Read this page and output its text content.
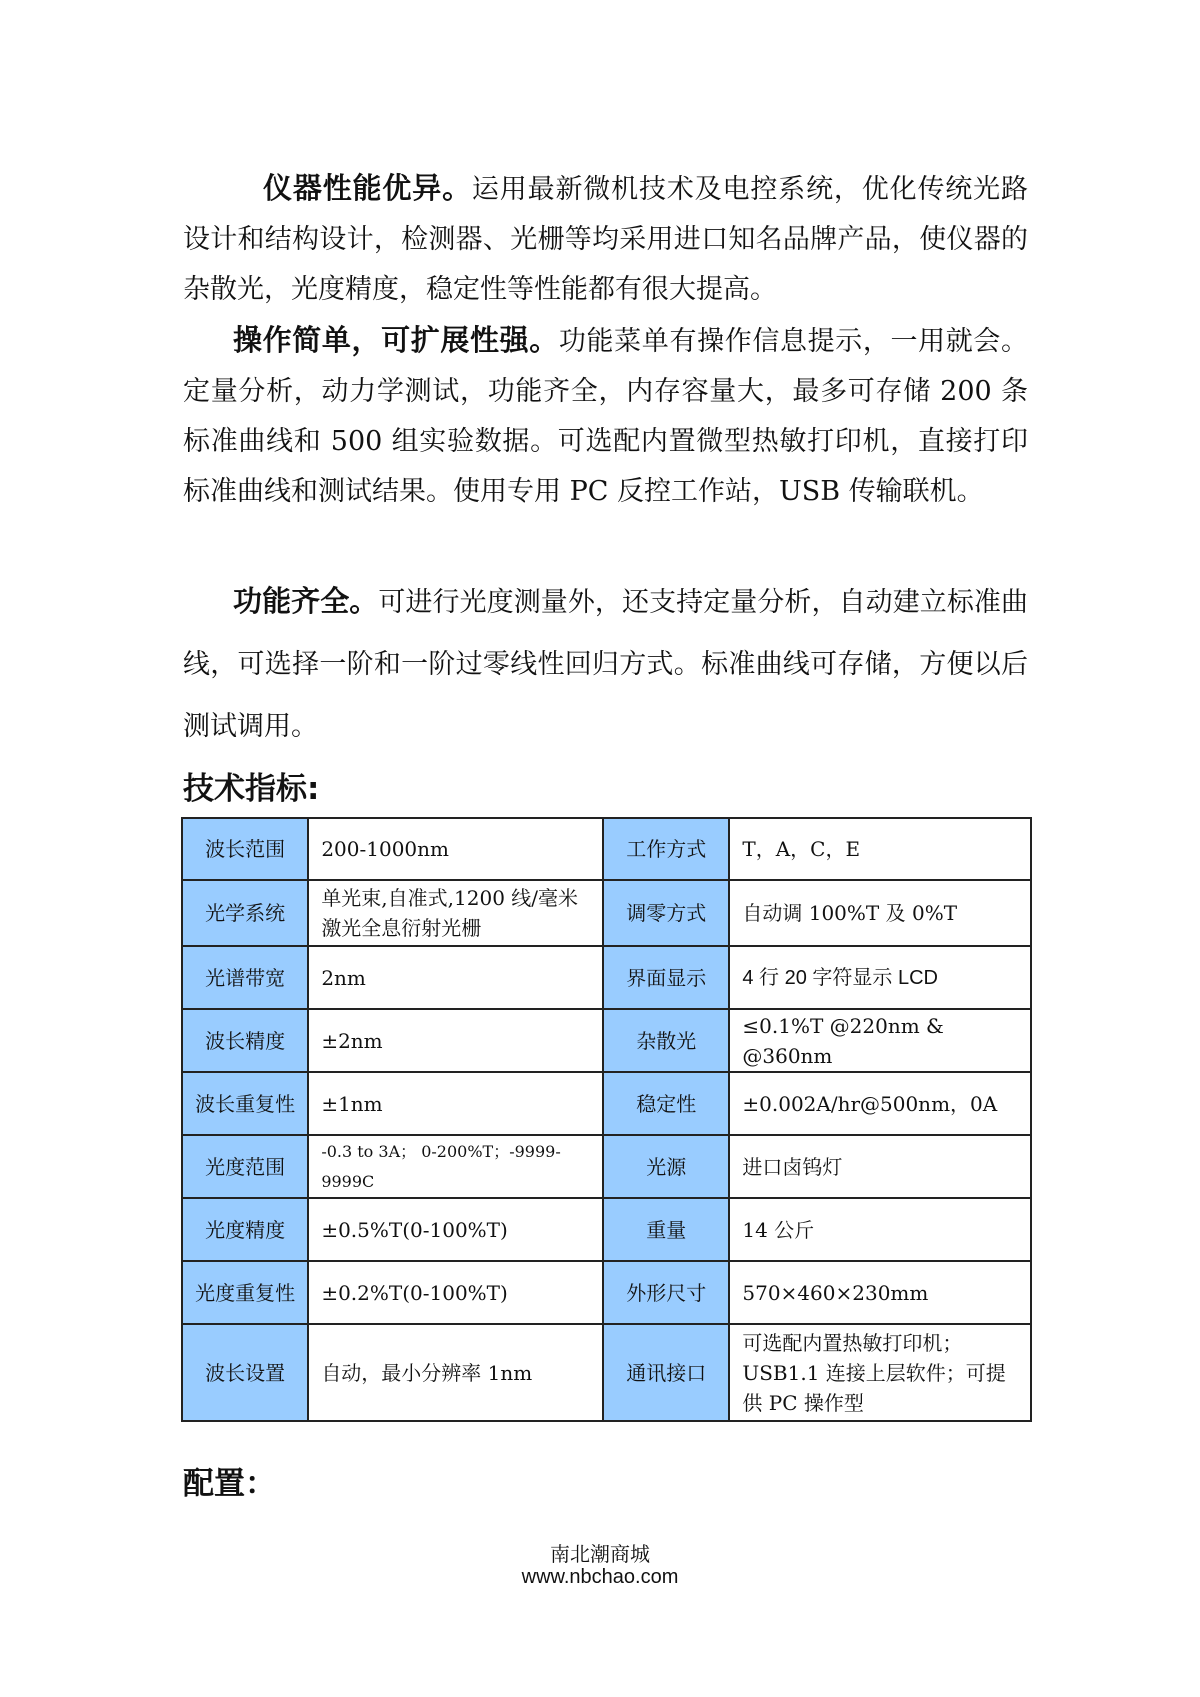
仪器性能优异。运用最新微机技术及电控系统，优化传统光路设计和结构设计，检测器、光栅等均采用进口知名品牌产品，使仪器的杂散光，光度精度，稳定性等性能都有很大提高。

操作简单，可扩展性强。功能菜单有操作信息提示，一用就会。定量分析，动力学测试，功能齐全，内存容量大，最多可存储 200 条标准曲线和 500 组实验数据。可选配内置微型热敏打印机，直接打印标准曲线和测试结果。使用专用 PC 反控工作站，USB 传输联机。

功能齐全。可进行光度测量外，还支持定量分析，自动建立标准曲线，可选择一阶和一阶过零线性回归方式。标准曲线可存储，方便以后测试调用。

技术指标:
波长范围	200-1000nm	工作方式	T，A，C，E
光学系统	单光束,自准式,1200 线/毫米激光全息衍射光栅	调零方式	自动调 100%T 及 0%T
光谱带宽	2nm	界面显示	4 行 20 字符显示 LCD
波长精度	±2nm	杂散光	≤0.1%T @220nm & @360nm
波长重复性	±1nm	稳定性	±0.002A/hr@500nm，0A
光度范围	-0.3 to 3A； 0-200%T；-9999-9999C	光源	进口卤钨灯
光度精度	±0.5%T(0-100%T)	重量	14 公斤
光度重复性	±0.2%T(0-100%T)	外形尺寸	570×460×230mm
波长设置	自动，最小分辨率 1nm	通讯接口	可选配内置热敏打印机；USB1.1 连接上层软件；可提供 PC 操作型
配置：
南北潮商城
www.nbchao.com
